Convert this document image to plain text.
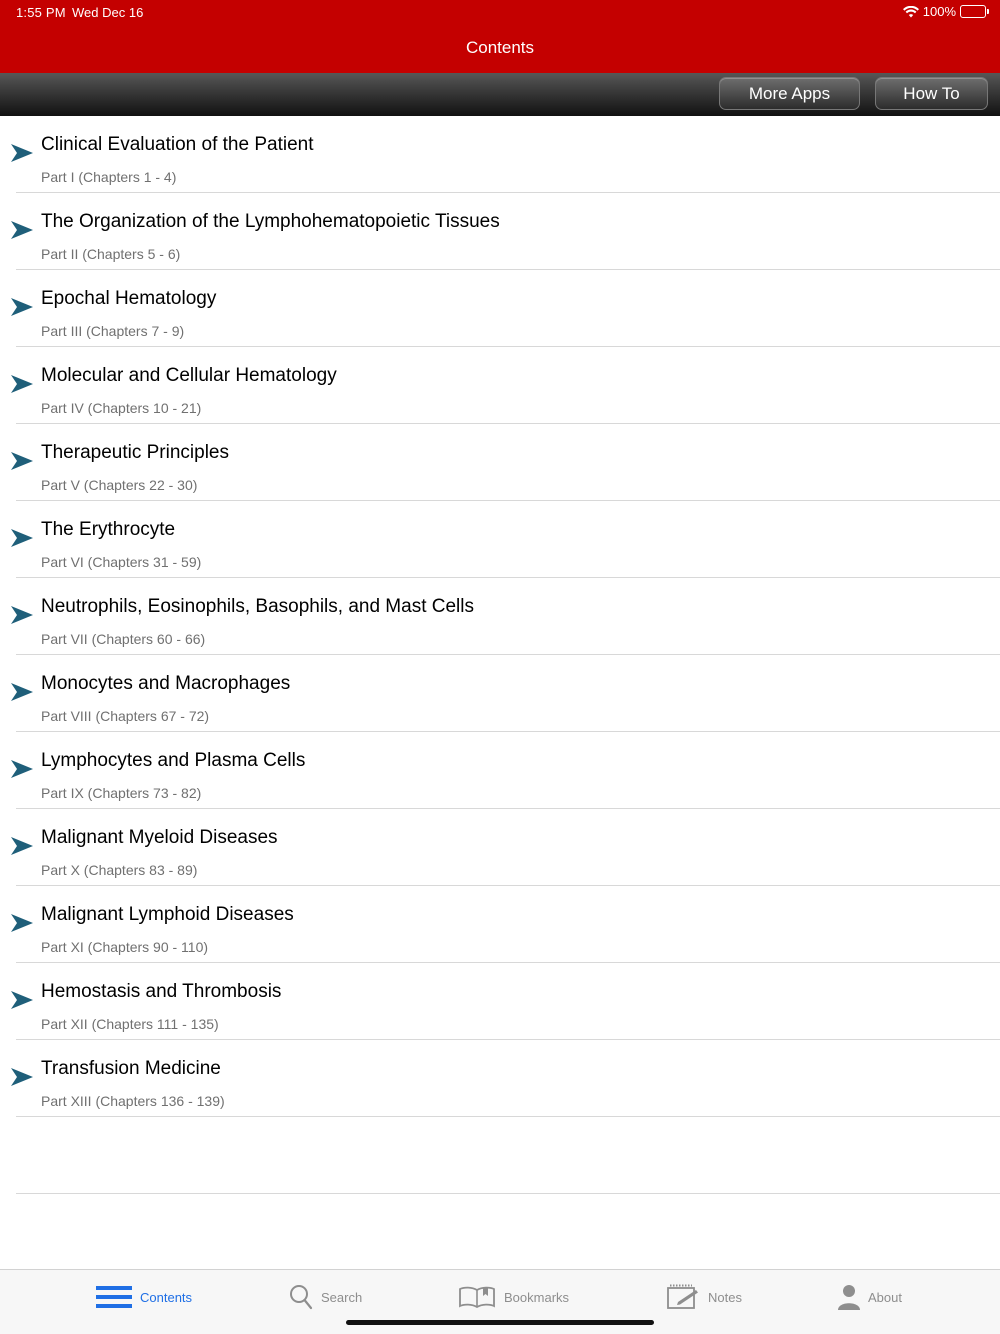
1:55 PM Wed Dec 16	100%
Contents
More Apps	How To
Clinical Evaluation of the Patient
Part I (Chapters 1 - 4)
The Organization of the Lymphohematopoietic Tissues
Part II (Chapters 5 - 6)
Epochal Hematology
Part III (Chapters 7 - 9)
Molecular and Cellular Hematology
Part IV (Chapters 10 - 21)
Therapeutic Principles
Part V (Chapters 22 - 30)
The Erythrocyte
Part VI (Chapters 31 - 59)
Neutrophils, Eosinophils, Basophils, and Mast Cells
Part VII (Chapters 60 - 66)
Monocytes and Macrophages
Part VIII (Chapters 67 - 72)
Lymphocytes and Plasma Cells
Part IX (Chapters 73 - 82)
Malignant Myeloid Diseases
Part X (Chapters 83 - 89)
Malignant Lymphoid Diseases
Part XI (Chapters 90 - 110)
Hemostasis and Thrombosis
Part XII (Chapters 111 - 135)
Transfusion Medicine
Part XIII (Chapters 136 - 139)
Contents	Search	Bookmarks	Notes	About
